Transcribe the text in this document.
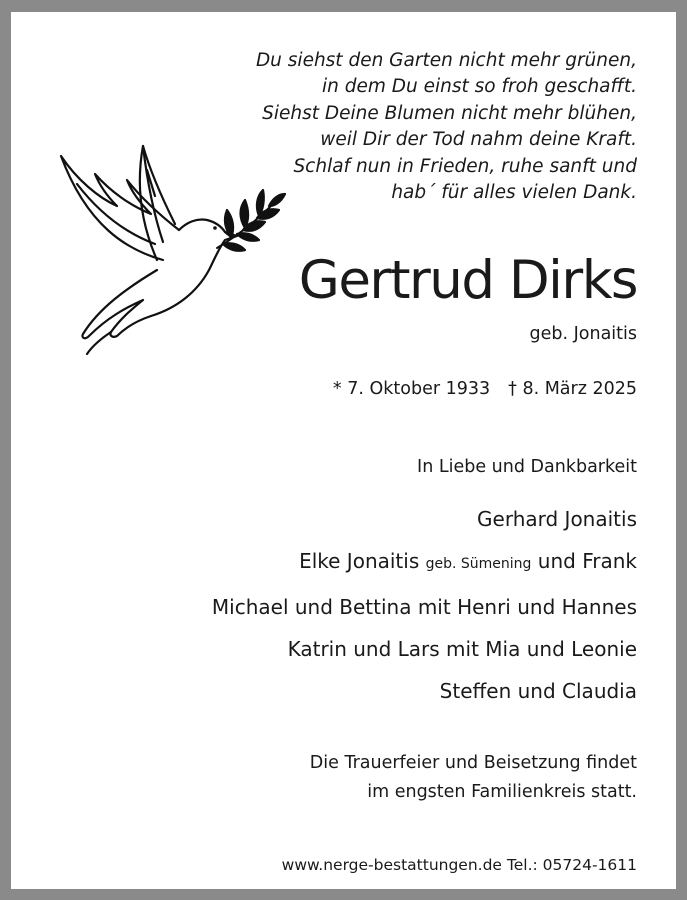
Du siehst den Garten nicht mehr grünen,
in dem Du einst so froh geschafft.
Siehst Deine Blumen nicht mehr blühen,
weil Dir der Tod nahm deine Kraft.
Schlaf nun in Frieden, ruhe sanft und
hab´ für alles vielen Dank.
Gertrud Dirks
geb. Jonaitis
* 7. Oktober 1933 † 8. März 2025
In Liebe und Dankbarkeit
Gerhard Jonaitis
Elke Jonaitis geb. Sümening und Frank
Michael und Bettina mit Henri und Hannes
Katrin und Lars mit Mia und Leonie
Steffen und Claudia
Die Trauerfeier und Beisetzung findet
im engsten Familienkreis statt.
www.nerge-bestattungen.de Tel.: 05724-1611
